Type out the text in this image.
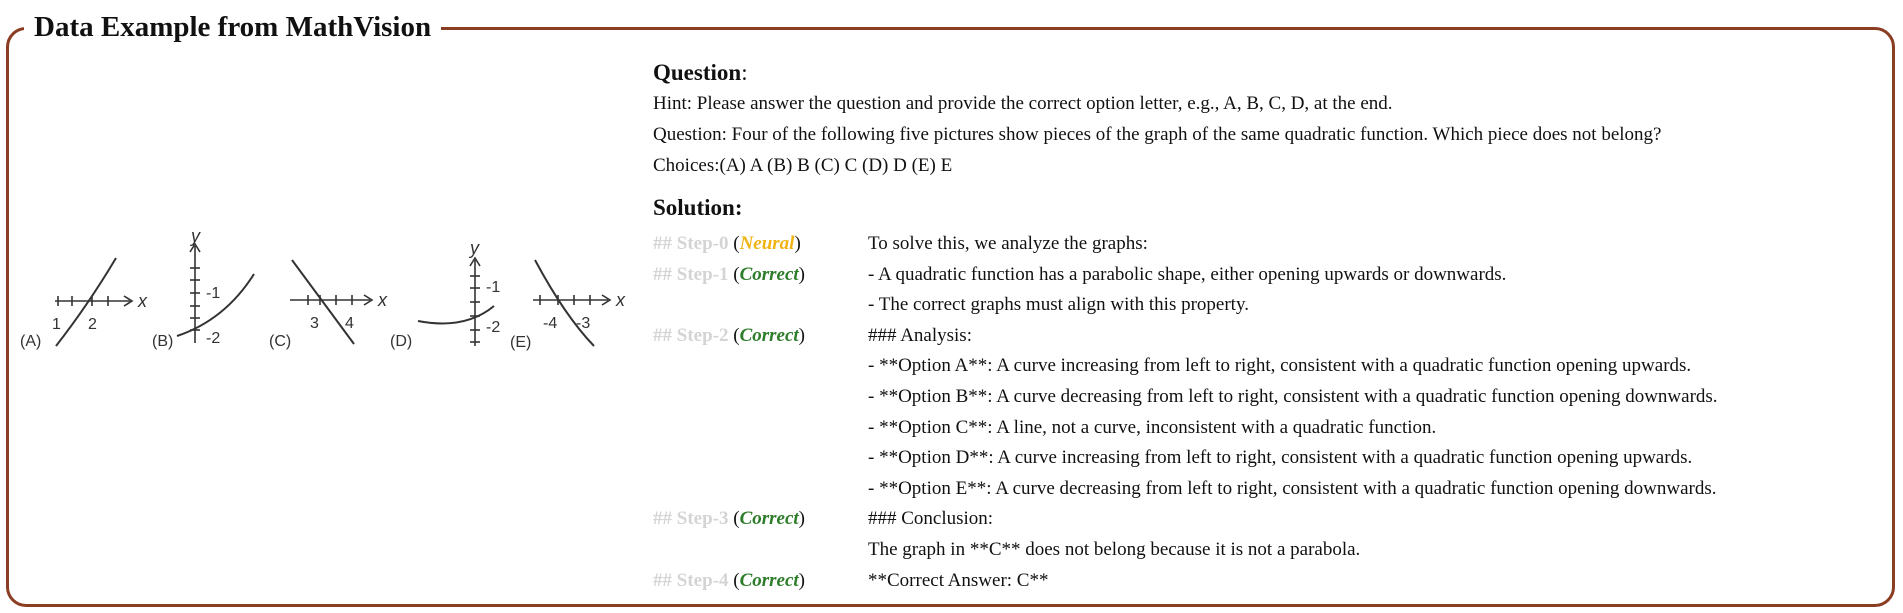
Data Example from MathVision
(A)
x
1 2
(B)
y
-1
-2	(C)
x
3 4
(D)
y
-1
-2
(E)
x
-4 -3
Question:
Hint: Please answer the question and provide the correct option letter, e.g., A, B, C, D, at the end.
Question: Four of the following five pictures show pieces of the graph of the same quadratic function. Which piece does not belong?
Choices:(A) A (B) B (C) C (D) D (E) E
Solution:
## Step-0 (Neural)	To solve this, we analyze the graphs:
## Step-1 (Correct)	- A quadratic function has a parabolic shape, either opening upwards or downwards.
- The correct graphs must align with this property.
## Step-2 (Correct)	### Analysis:
- **Option A**: A curve increasing from left to right, consistent with a quadratic function opening upwards.
- **Option B**: A curve decreasing from left to right, consistent with a quadratic function opening downwards.
- **Option C**: A line, not a curve, inconsistent with a quadratic function.
- **Option D**: A curve increasing from left to right, consistent with a quadratic function opening upwards.
- **Option E**: A curve decreasing from left to right, consistent with a quadratic function opening downwards.
## Step-3 (Correct)	### Conclusion:
The graph in **C** does not belong because it is not a parabola.
## Step-4 (Correct)	**Correct Answer: C**
